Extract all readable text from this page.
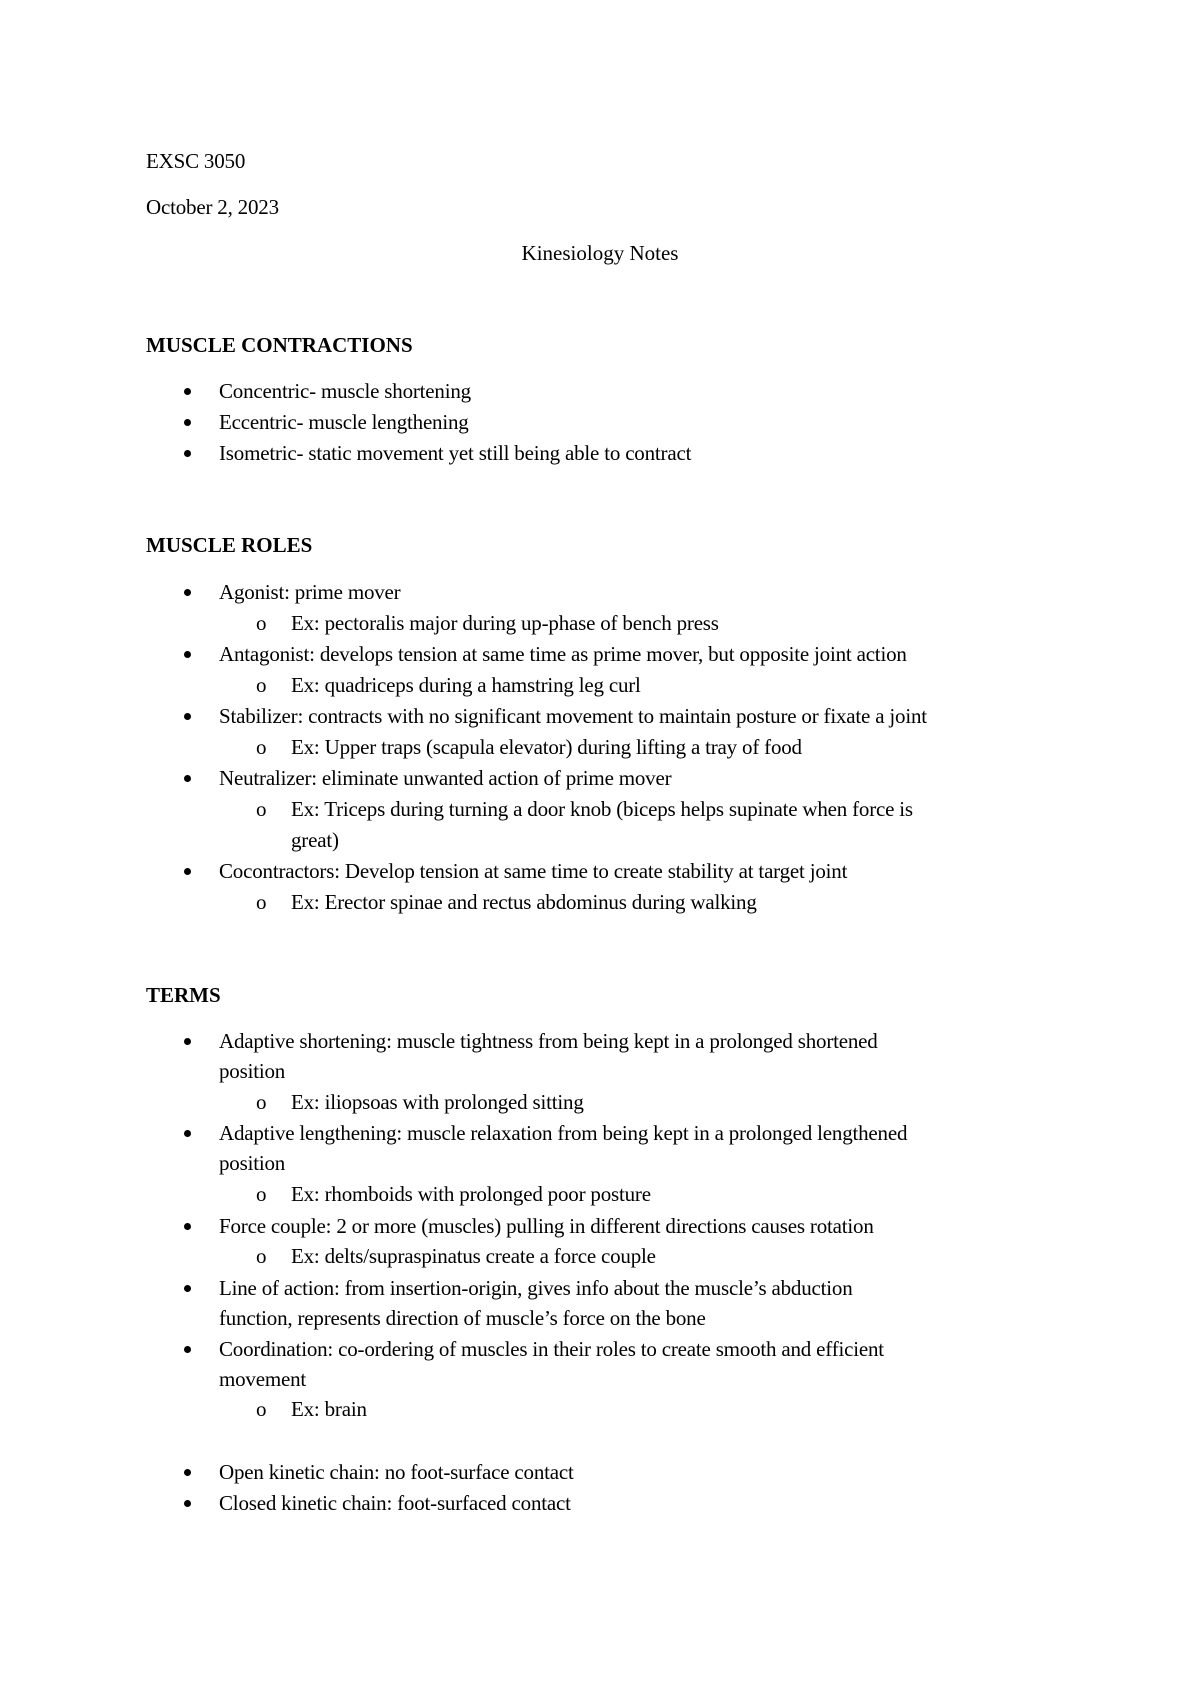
EXSC 3050
October 2, 2023
Kinesiology Notes
MUSCLE CONTRACTIONS
Concentric- muscle shortening
Eccentric- muscle lengthening
Isometric- static movement yet still being able to contract
MUSCLE ROLES
Agonist: prime mover
o Ex: pectoralis major during up-phase of bench press
Antagonist: develops tension at same time as prime mover, but opposite joint action
o Ex: quadriceps during a hamstring leg curl
Stabilizer: contracts with no significant movement to maintain posture or fixate a joint
o Ex: Upper traps (scapula elevator) during lifting a tray of food
Neutralizer: eliminate unwanted action of prime mover
o Ex: Triceps during turning a door knob (biceps helps supinate when force is
great)
Cocontractors: Develop tension at same time to create stability at target joint
o Ex: Erector spinae and rectus abdominus during walking
TERMS
Adaptive shortening: muscle tightness from being kept in a prolonged shortened
position
o Ex: iliopsoas with prolonged sitting
Adaptive lengthening: muscle relaxation from being kept in a prolonged lengthened
position
o Ex: rhomboids with prolonged poor posture
Force couple: 2 or more (muscles) pulling in different directions causes rotation
o Ex: delts/supraspinatus create a force couple
Line of action: from insertion-origin, gives info about the muscle’s abduction
function, represents direction of muscle’s force on the bone
Coordination: co-ordering of muscles in their roles to create smooth and efficient
movement
o Ex: brain
Open kinetic chain: no foot-surface contact
Closed kinetic chain: foot-surfaced contact
